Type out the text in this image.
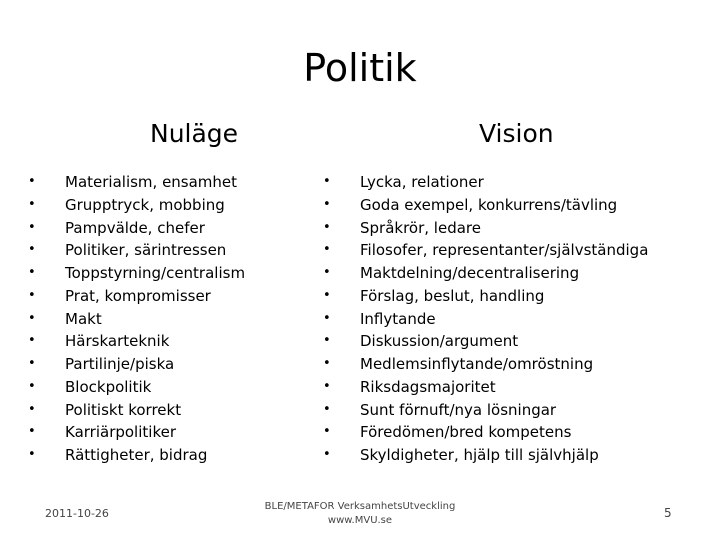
Politik
Nuläge	Vision
• Materialism, ensamhet
• Grupptryck, mobbing
• Pampvälde, chefer
• Politiker, särintressen
• Toppstyrning/centralism
• Prat, kompromisser
• Makt
• Härskarteknik
• Partilinje/piska
• Blockpolitik
• Politiskt korrekt
• Karriärpolitiker
• Rättigheter, bidrag
• Lycka, relationer
• Goda exempel, konkurrens/tävling
• Språkrör, ledare
• Filosofer, representanter/självständiga
• Maktdelning/decentralisering
• Förslag, beslut, handling
• Inflytande
• Diskussion/argument
• Medlemsinflytande/omröstning
• Riksdagsmajoritet
• Sunt förnuft/nya lösningar
• Föredömen/bred kompetens
• Skyldigheter, hjälp till självhjälp
2011-10-26
BLE/METAFOR VerksamhetsUtveckling
www.MVU.se
5
